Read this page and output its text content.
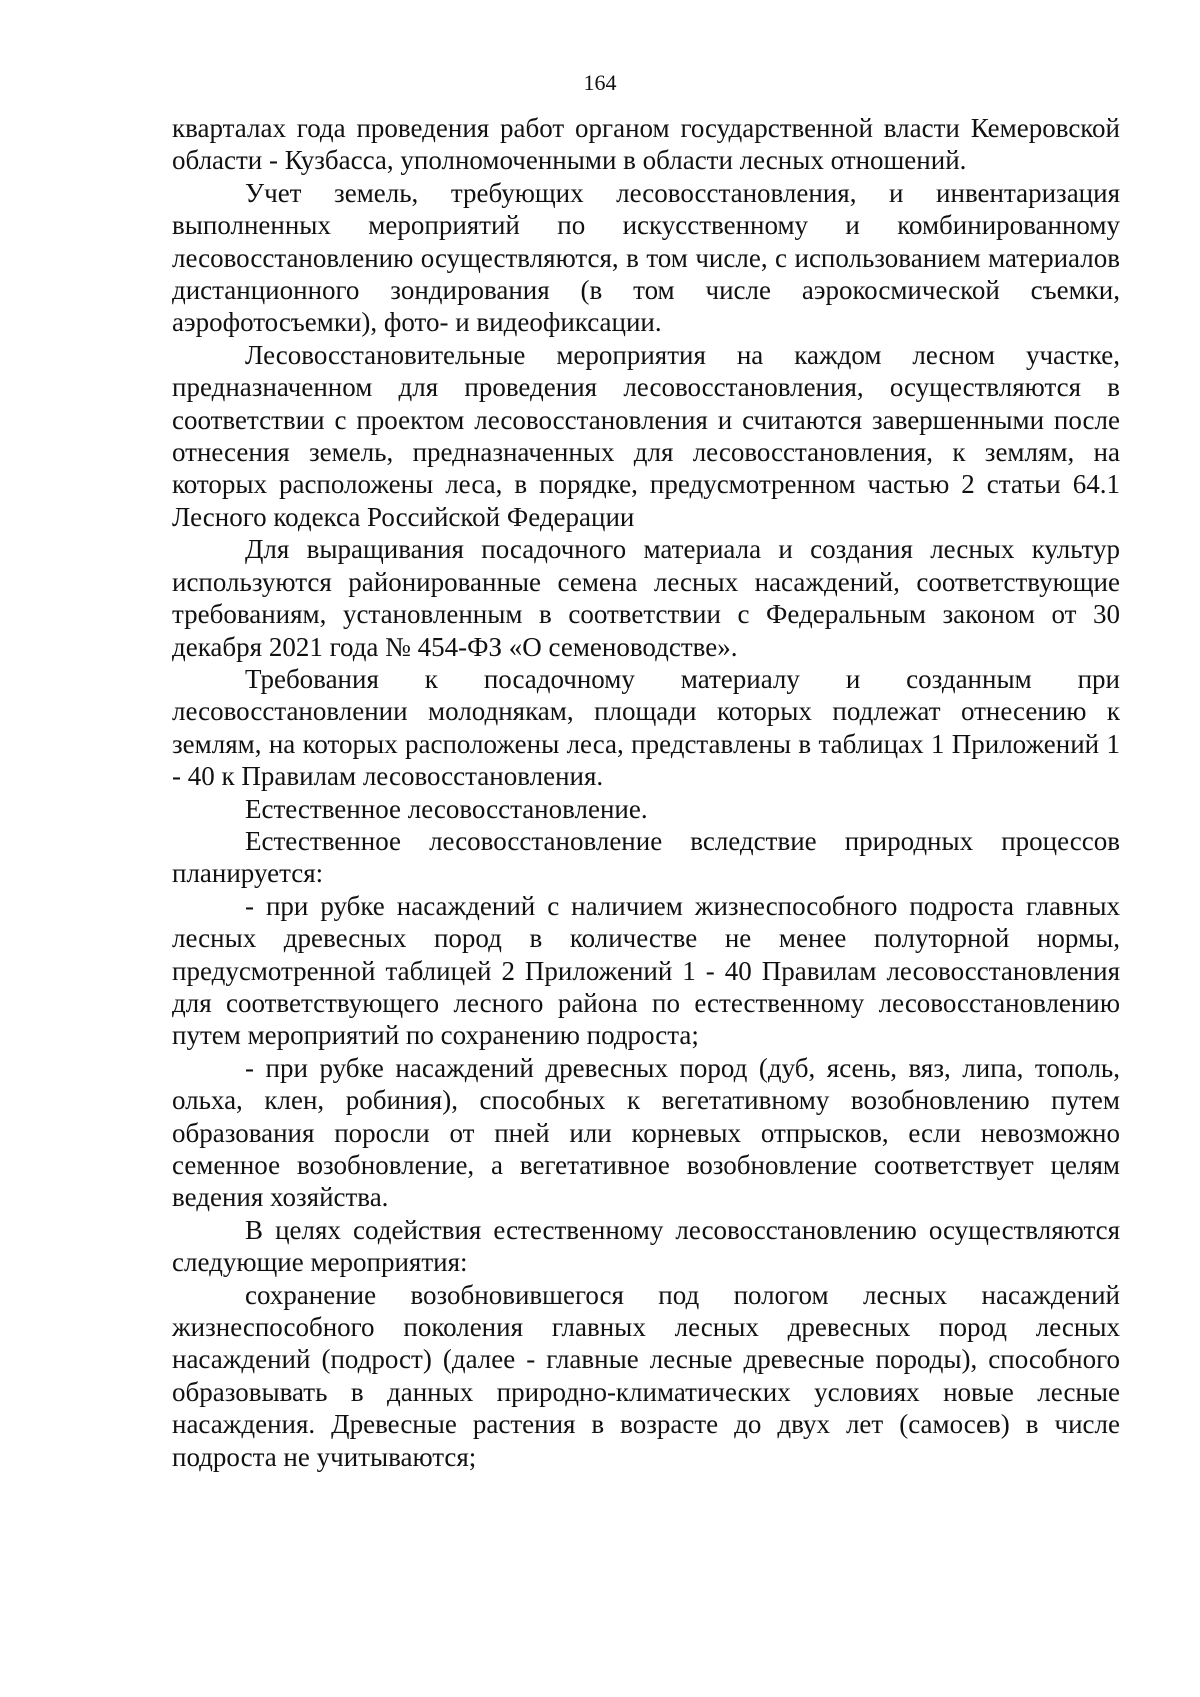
164

кварталах года проведения работ органом государственной власти Кемеровской области - Кузбасса, уполномоченными в области лесных отношений.

Учет земель, требующих лесовосстановления, и инвентаризация выполненных мероприятий по искусственному и комбинированному лесовосстановлению осуществляются, в том числе, с использованием материалов дистанционного зондирования (в том числе аэрокосмической съемки, аэрофотосъемки), фото- и видеофиксации.

Лесовосстановительные мероприятия на каждом лесном участке, предназначенном для проведения лесовосстановления, осуществляются в соответствии с проектом лесовосстановления и считаются завершенными после отнесения земель, предназначенных для лесовосстановления, к землям, на которых расположены леса, в порядке, предусмотренном частью 2 статьи 64.1 Лесного кодекса Российской Федерации

Для выращивания посадочного материала и создания лесных культур используются районированные семена лесных насаждений, соответствующие требованиям, установленным в соответствии с Федеральным законом от 30 декабря 2021 года № 454-ФЗ «О семеноводстве».

Требования к посадочному материалу и созданным при лесовосстановлении молоднякам, площади которых подлежат отнесению к землям, на которых расположены леса, представлены в таблицах 1 Приложений 1 - 40 к Правилам лесовосстановления.

Естественное лесовосстановление.

Естественное лесовосстановление вследствие природных процессов планируется:

- при рубке насаждений с наличием жизнеспособного подроста главных лесных древесных пород в количестве не менее полуторной нормы, предусмотренной таблицей 2 Приложений 1 - 40 Правилам лесовосстановления для соответствующего лесного района по естественному лесовосстановлению путем мероприятий по сохранению подроста;

- при рубке насаждений древесных пород (дуб, ясень, вяз, липа, тополь, ольха, клен, робиния), способных к вегетативному возобновлению путем образования поросли от пней или корневых отпрысков, если невозможно семенное возобновление, а вегетативное возобновление соответствует целям ведения хозяйства.

В целях содействия естественному лесовосстановлению осуществляются следующие мероприятия:

сохранение возобновившегося под пологом лесных насаждений жизнеспособного поколения главных лесных древесных пород лесных насаждений (подрост) (далее - главные лесные древесные породы), способного образовывать в данных природно-климатических условиях новые лесные насаждения. Древесные растения в возрасте до двух лет (самосев) в числе подроста не учитываются;
